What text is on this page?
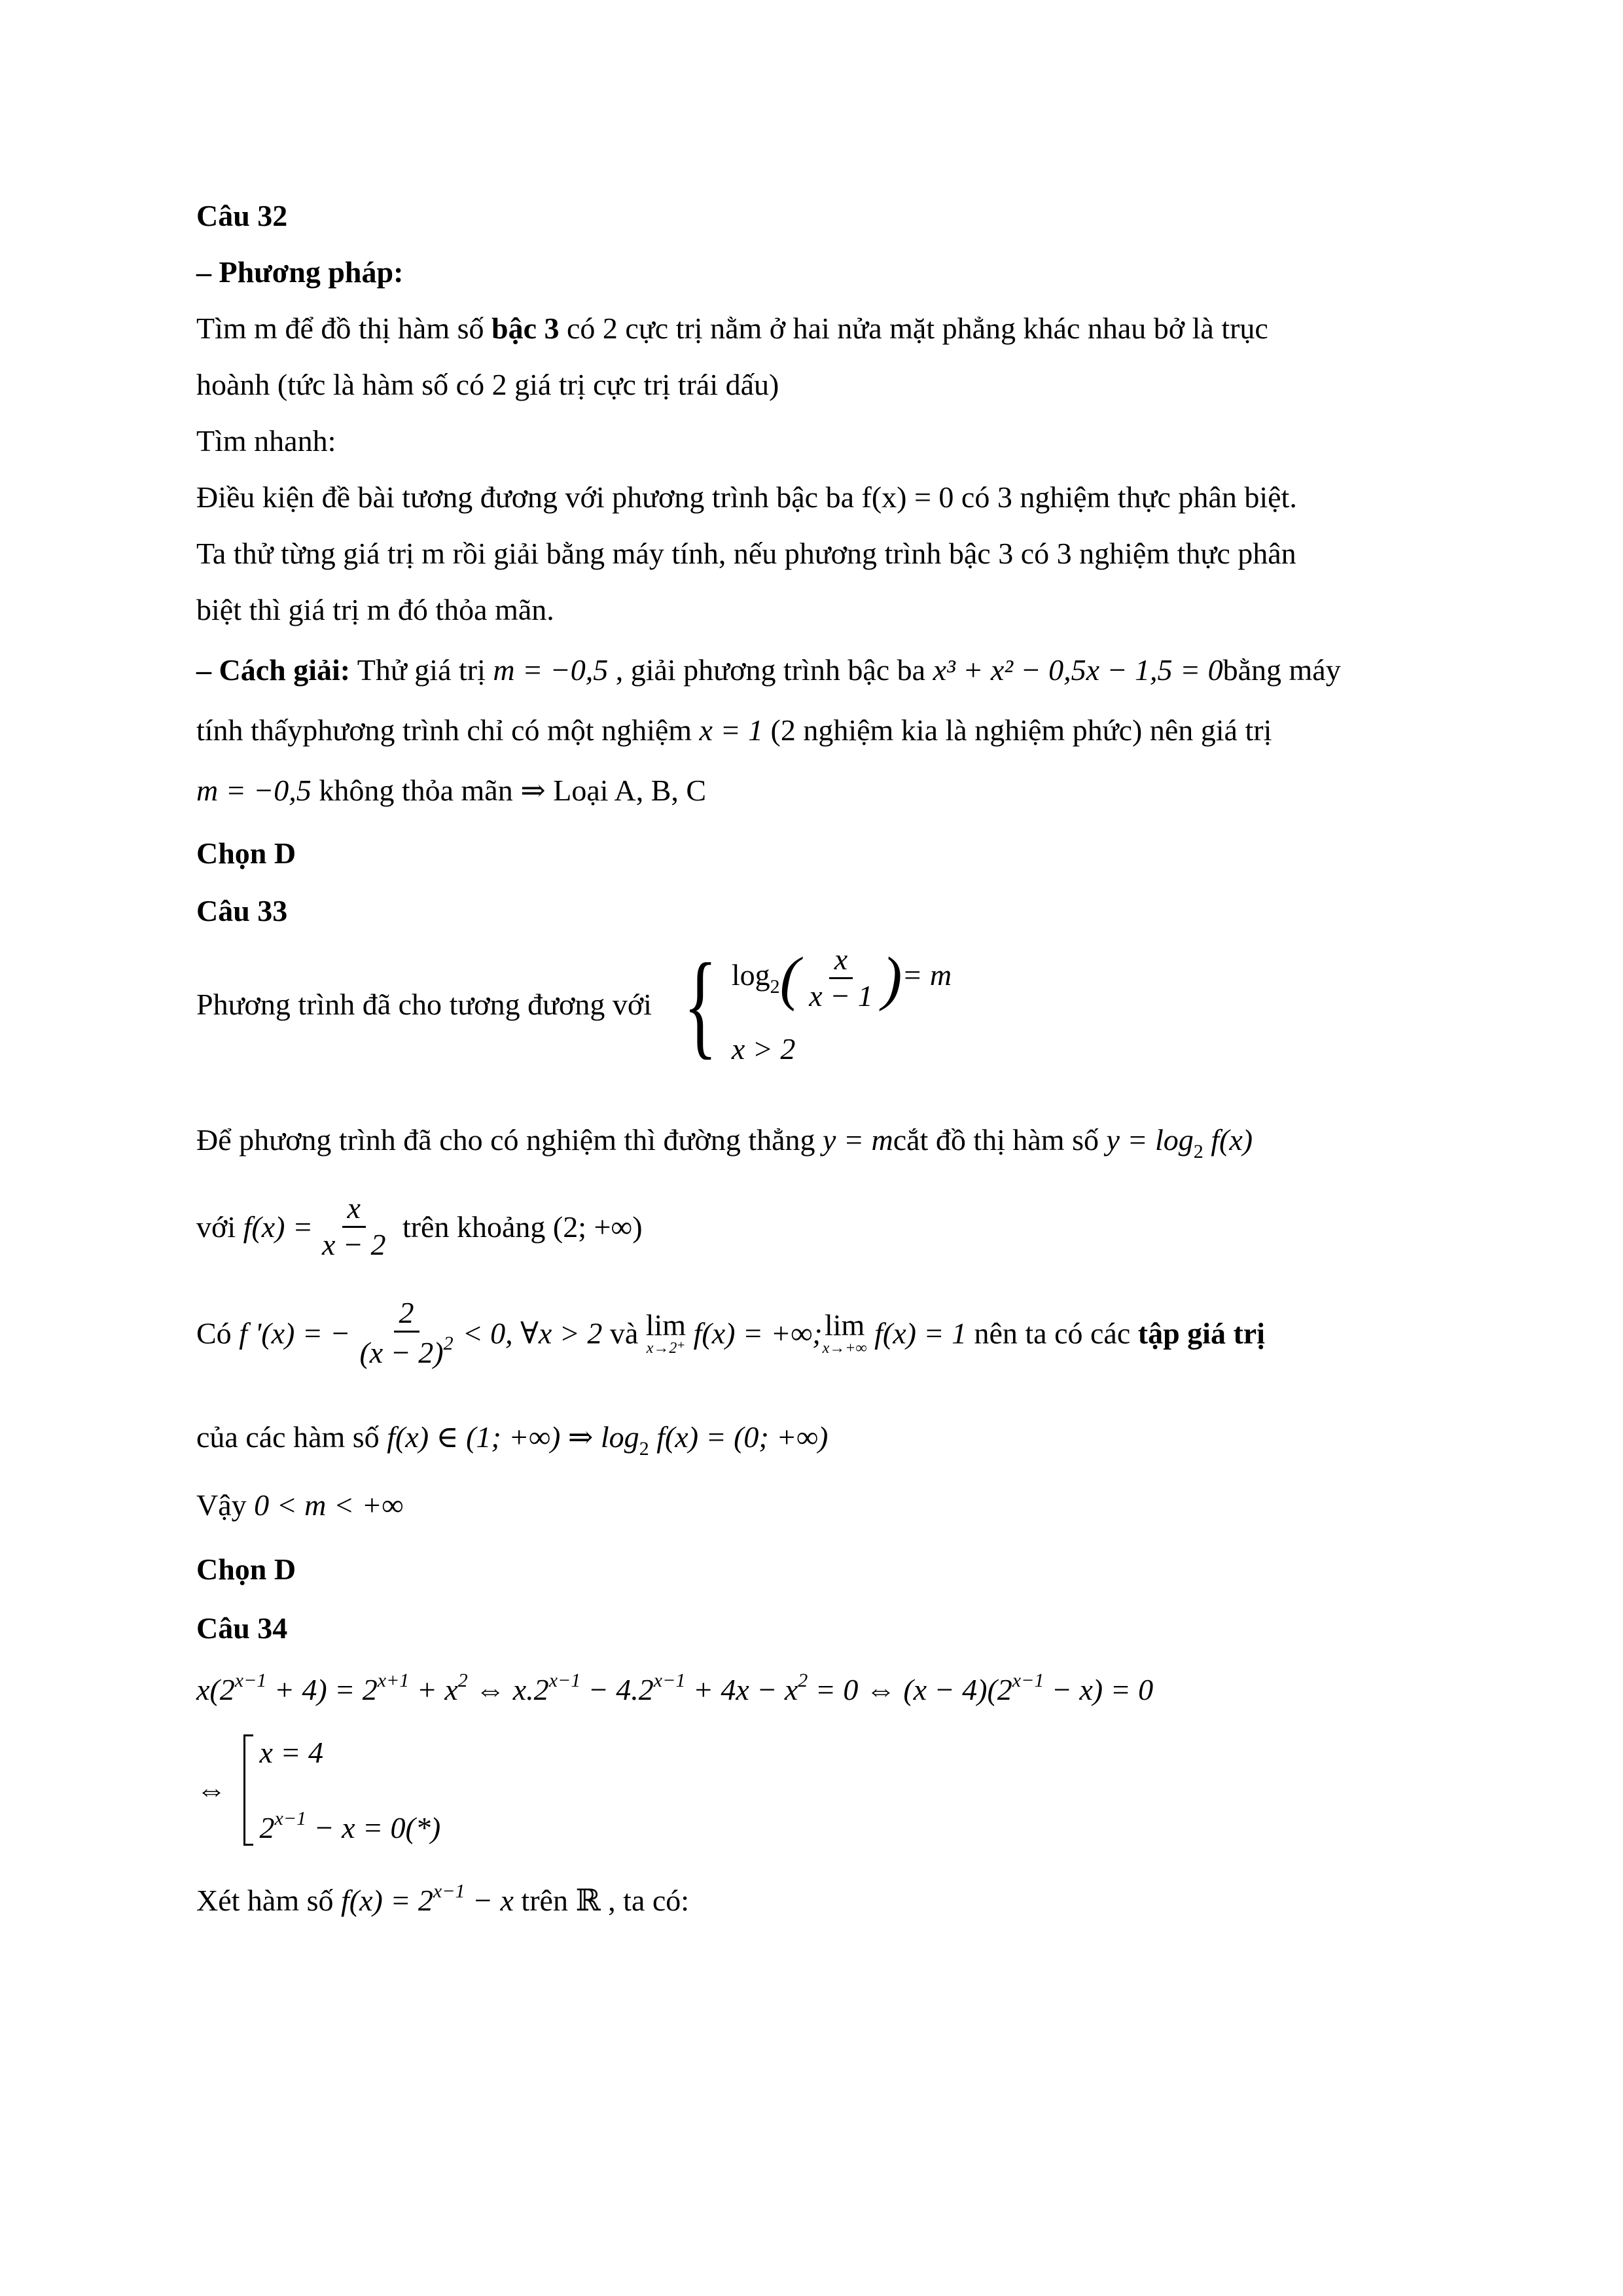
Câu 32
– Phương pháp:
Tìm m để đồ thị hàm số bậc 3 có 2 cực trị nằm ở hai nửa mặt phẳng khác nhau bở là trục
hoành (tức là hàm số có 2 giá trị cực trị trái dấu)
Tìm nhanh:
Điều kiện đề bài tương đương với phương trình bậc ba f(x) = 0 có 3 nghiệm thực phân biệt.
Ta thử từng giá trị m rồi giải bằng máy tính, nếu phương trình bậc 3 có 3 nghiệm thực phân
biệt thì giá trị m đó thỏa mãn.
– Cách giải: Thử giá trị m = −0,5 , giải phương trình bậc ba x³ + x² − 0,5x − 1,5 = 0bằng máy
tính thấyphương trình chỉ có một nghiệm x = 1 (2 nghiệm kia là nghiệm phức) nên giá trị
m = −0,5 không thỏa mãn ⇒ Loại A, B, C
Chọn D
Câu 33
Phương trình đã cho tương đương với { $\log_2( \frac{x}{x - 1}$ )= m
x > 2
Để phương trình đã cho có nghiệm thì đường thẳng y = mcắt đồ thị hàm số $y = \log_2 f(x)$
với $f(x) = \frac{x}{x - 2}$ trên khoảng (2; +∞)
Có f '(x) = − $\frac{2}{(x - 2)^2} < 0$, ∀x > 2 và lim
x→2⁺ f(x) = +∞; lim
x→+∞ f(x) = 1 nên ta có các tập giá trị
của các hàm số f(x) ∈ (1; +∞) ⇒ $\log_2 f(x) = (0$; +∞)
Vậy 0 < m < +∞
Chọn D
Câu 34
$x(2^{x-1} + 4) = 2^{x+1} + x^2$ ⇔ $x.2^{x-1} - 4.2^{x-1} + 4x - x^2 = 0$ ⇔ $(x - 4)(2^{x-1} - x) = 0$
⇔
x = 4
$2^{x-1} - x = 0(*)$
Xét hàm số $f(x) = 2^{x-1} - x$ trên ℝ , ta có:
